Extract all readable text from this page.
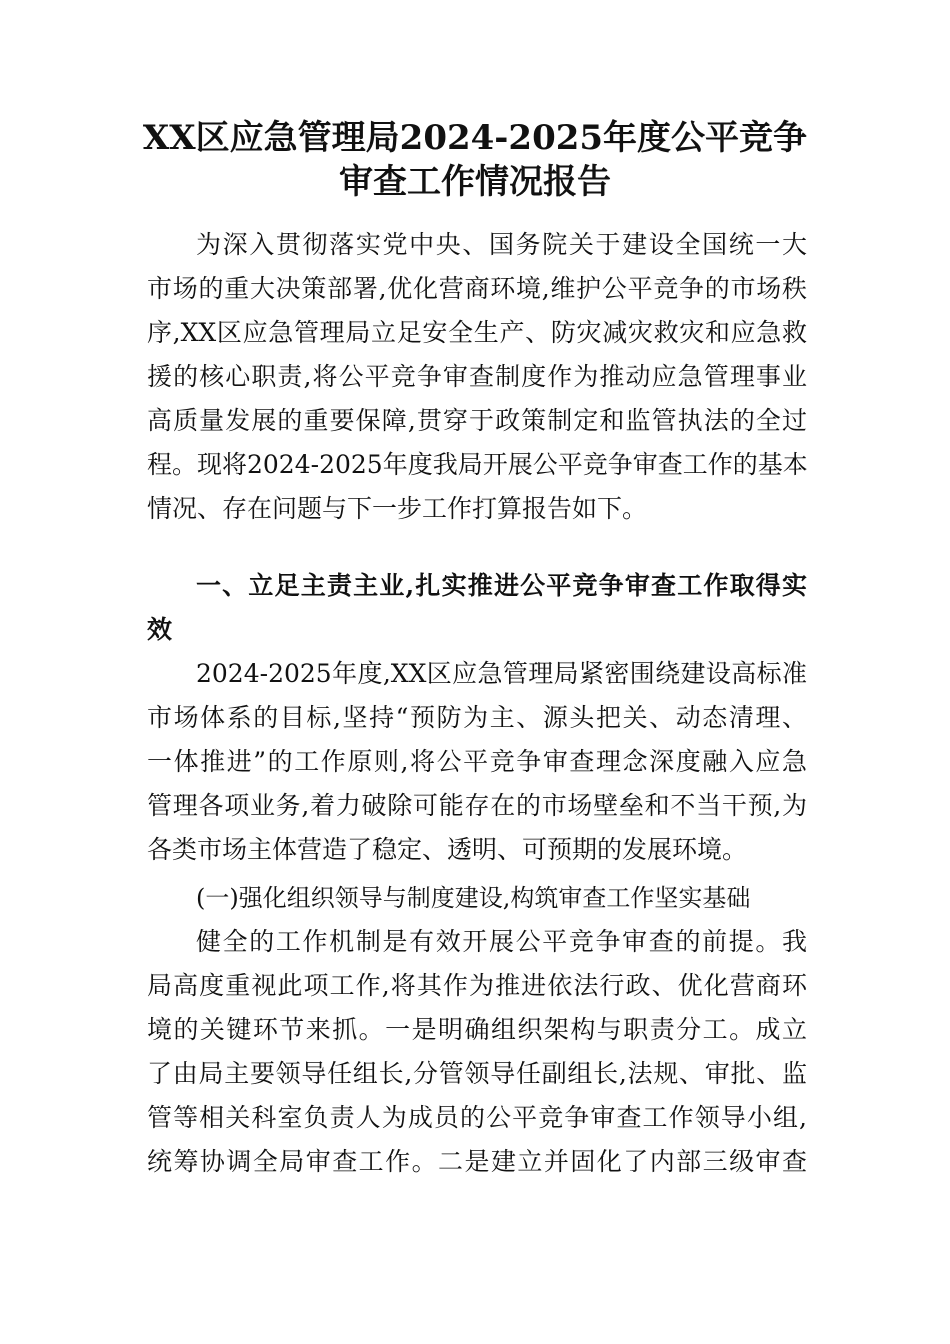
XX区应急管理局2024-2025年度公平竞争
审查工作情况报告
为深入贯彻落实党中央、国务院关于建设全国统一大
市场的重大决策部署,优化营商环境,维护公平竞争的市场秩
序,XX区应急管理局立足安全生产、防灾减灾救灾和应急救
援的核心职责,将公平竞争审查制度作为推动应急管理事业
高质量发展的重要保障,贯穿于政策制定和监管执法的全过
程。现将2024-2025年度我局开展公平竞争审查工作的基本
情况、存在问题与下一步工作打算报告如下。
一、立足主责主业,扎实推进公平竞争审查工作取得实
效
2024-2025年度,XX区应急管理局紧密围绕建设高标准
市场体系的目标,坚持“预防为主、源头把关、动态清理、
一体推进”的工作原则,将公平竞争审查理念深度融入应急
管理各项业务,着力破除可能存在的市场壁垒和不当干预,为
各类市场主体营造了稳定、透明、可预期的发展环境。
(一)强化组织领导与制度建设,构筑审查工作坚实基础
健全的工作机制是有效开展公平竞争审查的前提。我
局高度重视此项工作,将其作为推进依法行政、优化营商环
境的关键环节来抓。一是明确组织架构与职责分工。成立
了由局主要领导任组长,分管领导任副组长,法规、审批、监
管等相关科室负责人为成员的公平竞争审查工作领导小组,
统筹协调全局审查工作。二是建立并固化了内部三级审查
